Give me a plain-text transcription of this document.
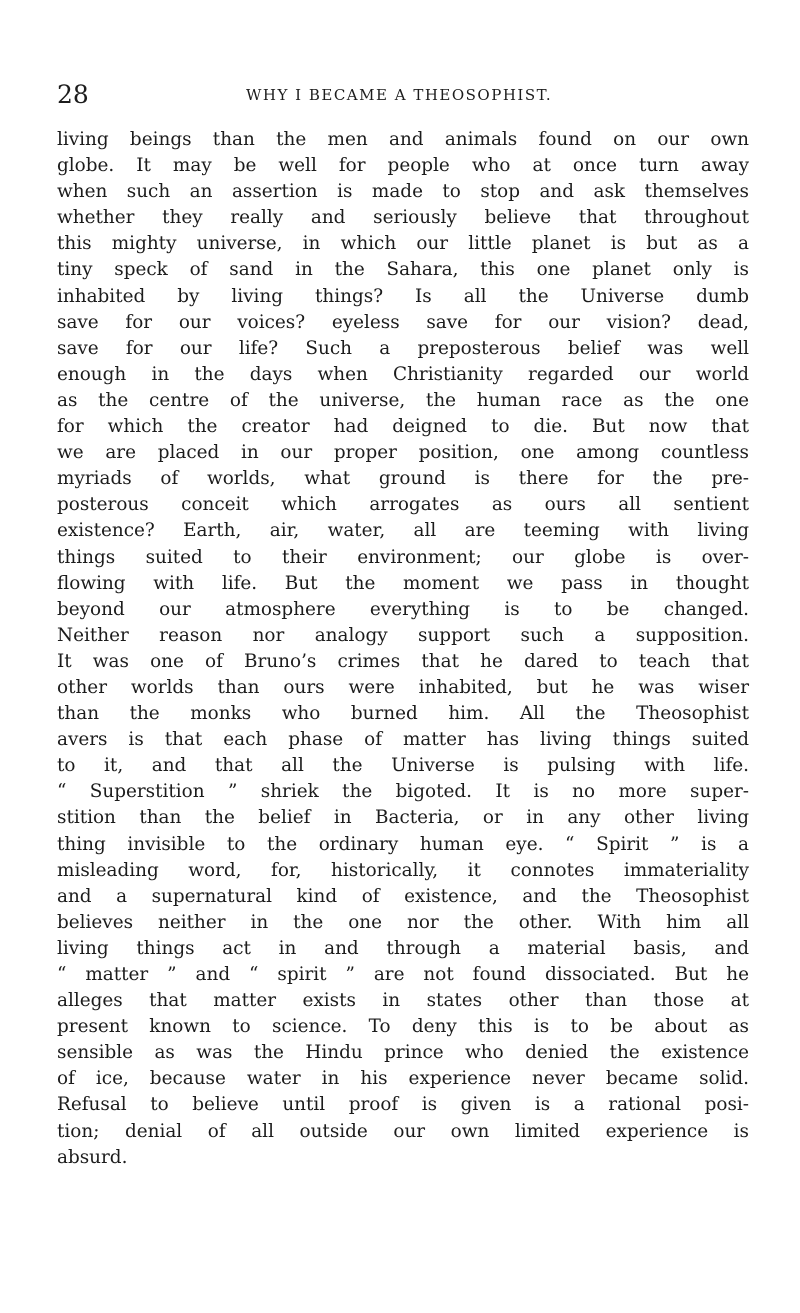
28	WHY I BECAME A THEOSOPHIST.
living beings than the men and animals found on our own
globe. It may be well for people who at once turn away
when such an assertion is made to stop and ask themselves
whether they really and seriously believe that throughout
this mighty universe, in which our little planet is but as a
tiny speck of sand in the Sahara, this one planet only is
inhabited by living things? Is all the Universe dumb
save for our voices? eyeless save for our vision? dead,
save for our life? Such a preposterous belief was well
enough in the days when Christianity regarded our world
as the centre of the universe, the human race as the one
for which the creator had deigned to die. But now that
we are placed in our proper position, one among countless
myriads of worlds, what ground is there for the pre-
posterous conceit which arrogates as ours all sentient
existence? Earth, air, water, all are teeming with living
things suited to their environment; our globe is over-
flowing with life. But the moment we pass in thought
beyond our atmosphere everything is to be changed.
Neither reason nor analogy support such a supposition.
It was one of Bruno’s crimes that he dared to teach that
other worlds than ours were inhabited, but he was wiser
than the monks who burned him. All the Theosophist
avers is that each phase of matter has living things suited
to it, and that all the Universe is pulsing with life.
“ Superstition ” shriek the bigoted. It is no more super-
stition than the belief in Bacteria, or in any other living
thing invisible to the ordinary human eye. “ Spirit ” is a
misleading word, for, historically, it connotes immateriality
and a supernatural kind of existence, and the Theosophist
believes neither in the one nor the other. With him all
living things act in and through a material basis, and
“ matter ” and “ spirit ” are not found dissociated. But he
alleges that matter exists in states other than those at
present known to science. To deny this is to be about as
sensible as was the Hindu prince who denied the existence
of ice, because water in his experience never became solid.
Refusal to believe until proof is given is a rational posi-
tion; denial of all outside our own limited experience is
absurd.
